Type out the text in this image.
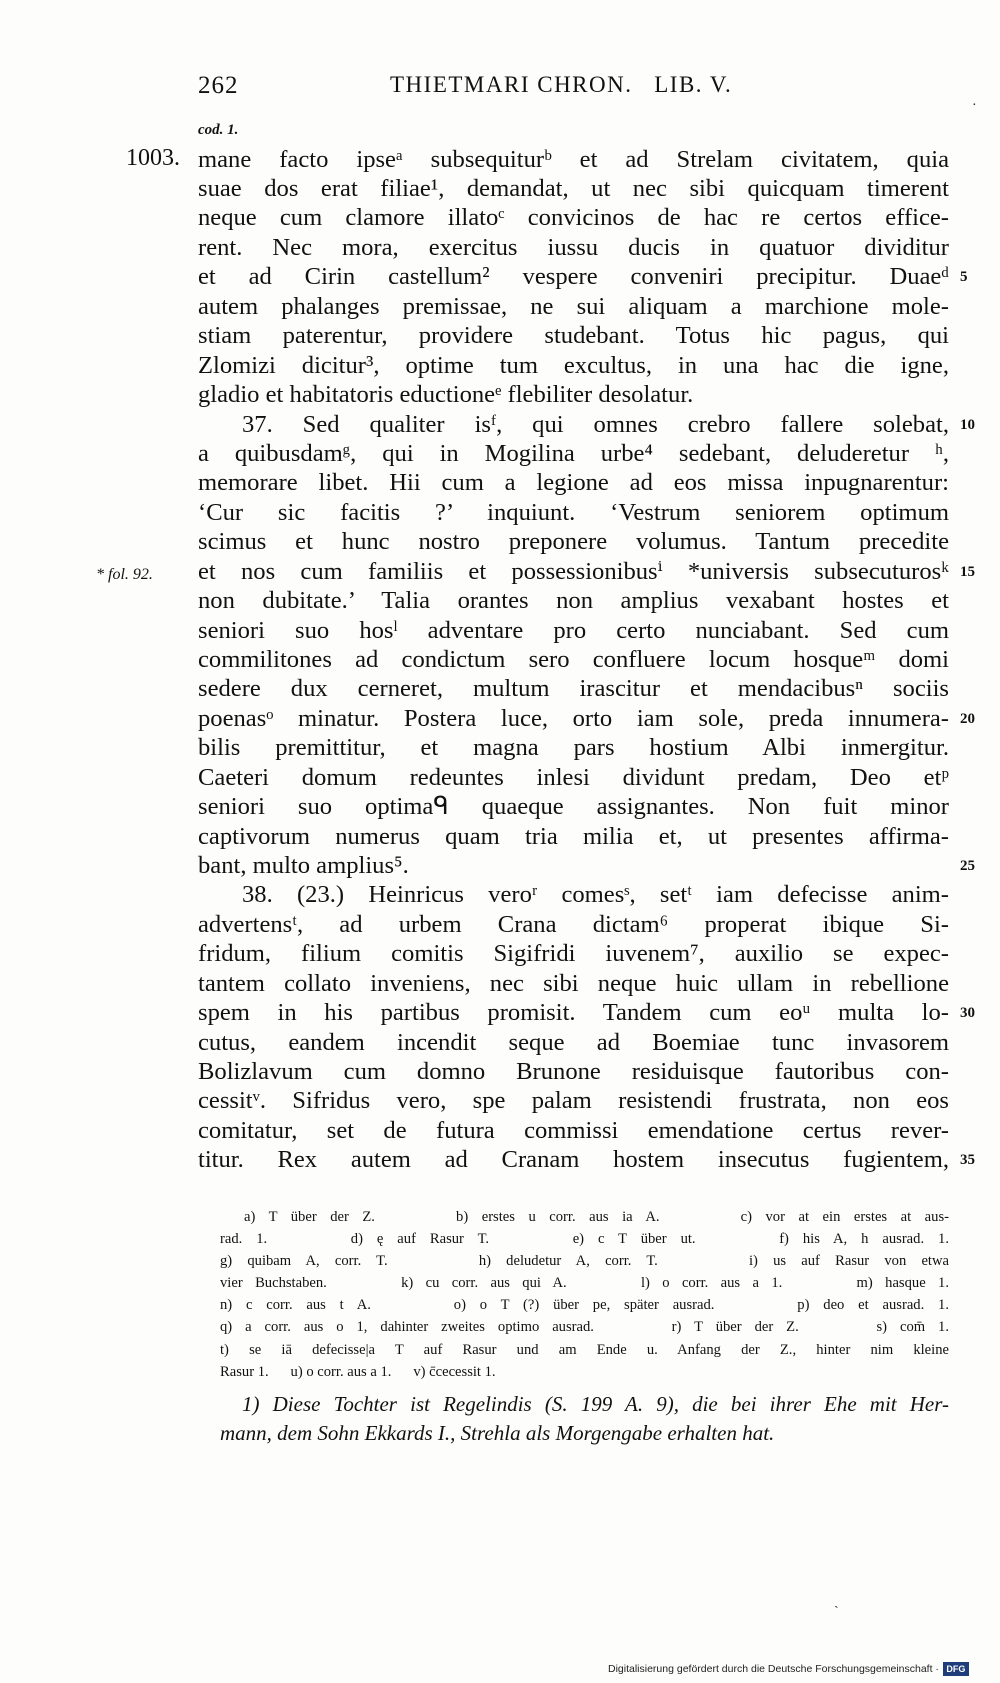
262	THIETMARI CHRON.   LIB. V.
·
cod. 1.
1003.
* fol. 92.
mane facto ipseᵃ subsequiturᵇ et ad Strelam civitatem, quia
suae dos erat filiae¹, demandat, ut nec sibi quicquam timerent
neque cum clamore illatoᶜ convicinos de hac re certos effice-
rent. Nec mora, exercitus iussu ducis in quatuor dividitur
et ad Cirin castellum² vespere conveniri precipitur. Duaeᵈ
autem phalanges premissae, ne sui aliquam a marchione mole-
stiam paterentur, providere studebant. Totus hic pagus, qui
Zlomizi dicitur³, optime tum excultus, in una hac die igne,
gladio et habitatoris eductioneᵉ flebiliter desolatur.
37. Sed qualiter isᶠ, qui omnes crebro fallere solebat,
a quibusdamᵍ, qui in Mogilina urbe⁴ sedebant, deluderetur ʰ,
memorare libet. Hii cum a legione ad eos missa inpugnarentur:
‘Cur sic facitis ?’ inquiunt. ‘Vestrum seniorem optimum
scimus et hunc nostro preponere volumus. Tantum precedite
et nos cum familiis et possessionibusⁱ *universis subsecuturosᵏ
non dubitate.’ Talia orantes non amplius vexabant hostes et
seniori suo hosˡ adventare pro certo nunciabant. Sed cum
commilitones ad condictum sero confluere locum hosqueᵐ domi
sedere dux cerneret, multum irascitur et mendacibusⁿ sociis
poenasᵒ minatur. Postera luce, orto iam sole, preda innumera-
bilis premittitur, et magna pars hostium Albi inmergitur.
Caeteri domum redeuntes inlesi dividunt predam, Deo etᵖ
seniori suo optimaᑫ quaeque assignantes. Non fuit minor
captivorum numerus quam tria milia et, ut presentes affirma-
bant, multo amplius⁵.
38. (23.) Heinricus veroʳ comesˢ, setᵗ iam defecisse anim-
advertensᵗ, ad urbem Crana dictam⁶ properat ibique Si-
fridum, filium comitis Sigifridi iuvenem⁷, auxilio se expec-
tantem collato inveniens, nec sibi neque huic ullam in rebellione
spem in his partibus promisit. Tandem cum eoᵘ multa lo-
cutus, eandem incendit seque ad Boemiae tunc invasorem
Bolizlavum cum domno Brunone residuisque fautoribus con-
cessitᵛ. Sifridus vero, spe palam resistendi frustrata, non eos
comitatur, set de futura commissi emendatione certus rever-
titur. Rex autem ad Cranam hostem insecutus fugientem,
5
10
15
20
25
30
35
a) T über der Z.      b) erstes u corr. aus ia A.      c) vor at ein erstes at aus-
rad. 1.      d) ę auf Rasur T.      e) c T über ut.      f) his A, h ausrad. 1.
g) quibam A, corr. T.      h) deludetur A, corr. T.      i) us auf Rasur von etwa
vier Buchstaben.      k) cu corr. aus qui A.      l) o corr. aus a 1.      m) hasque 1.
n) c corr. aus t A.      o) o T (?) über pe, später ausrad.      p) deo et ausrad. 1.
q) a corr. aus o 1, dahinter zweites optimo ausrad.      r) T über der Z.      s) com̄ 1.
t) se iā defecisse|a T auf Rasur und am Ende u. Anfang der Z., hinter nim kleine
Rasur 1.      u) o corr. aus a 1.      v) c̄cecessit 1.
1) Diese Tochter ist Regelindis (S. 199 A. 9), die bei ihrer Ehe mit Her-
mann, dem Sohn Ekkards I., Strehla als Morgengabe erhalten hat.
ˏ
Digitalisierung gefördert durch die Deutsche Forschungsgemeinschaft · DFG
